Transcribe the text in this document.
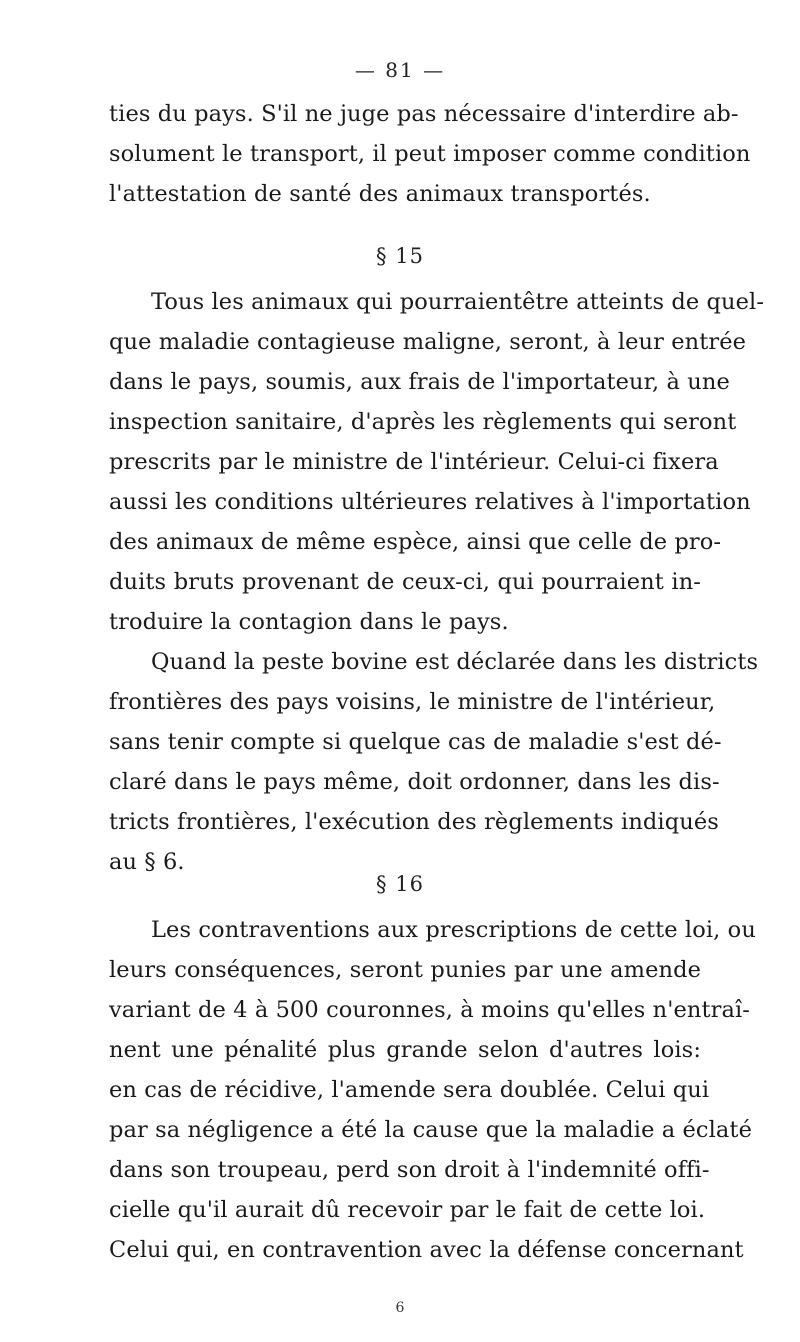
— 81 —
ties du pays. S'il ne juge pas nécessaire d'interdire ab-
solument le transport, il peut imposer comme condition
l'attestation de santé des animaux transportés.
§ 15
Tous les animaux qui pourraientêtre atteints de quel-
que maladie contagieuse maligne, seront, à leur entrée
dans le pays, soumis, aux frais de l'importateur, à une
inspection sanitaire, d'après les règlements qui seront
prescrits par le ministre de l'intérieur. Celui-ci fixera
aussi les conditions ultérieures relatives à l'importation
des animaux de même espèce, ainsi que celle de pro-
duits bruts provenant de ceux-ci, qui pourraient in-
troduire la contagion dans le pays.
Quand la peste bovine est déclarée dans les districts
frontières des pays voisins, le ministre de l'intérieur,
sans tenir compte si quelque cas de maladie s'est dé-
claré dans le pays même, doit ordonner, dans les dis-
tricts frontières, l'exécution des règlements indiqués
au § 6.
§ 16
Les contraventions aux prescriptions de cette loi, ou
leurs conséquences, seront punies par une amende
variant de 4 à 500 couronnes, à moins qu'elles n'entraî-
nent une pénalité plus grande selon d'autres lois:
en cas de récidive, l'amende sera doublée. Celui qui
par sa négligence a été la cause que la maladie a éclaté
dans son troupeau, perd son droit à l'indemnité offi-
cielle qu'il aurait dû recevoir par le fait de cette loi.
Celui qui, en contravention avec la défense concernant
6
